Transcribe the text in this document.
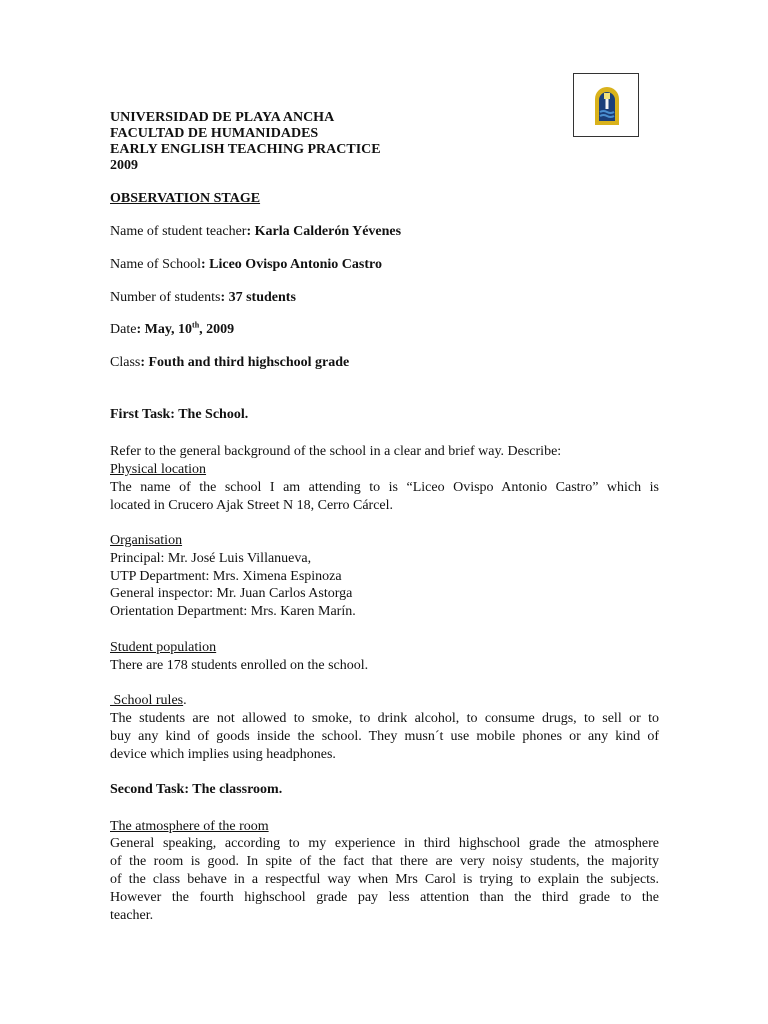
UNIVERSIDAD DE PLAYA ANCHA
FACULTAD DE HUMANIDADES
EARLY ENGLISH TEACHING PRACTICE
2009
OBSERVATION STAGE
Name of student teacher: Karla Calderón Yévenes
Name of School: Liceo Ovispo Antonio Castro
Number of students: 37 students
Date: May, 10th, 2009
Class: Fouth and third highschool grade
First Task: The School.
Refer to the general background of the school in a clear and brief way. Describe:
Physical location
The name of the school I am attending to is “Liceo Ovispo Antonio Castro” which is
located in Crucero Ajak Street N 18, Cerro Cárcel.
Organisation
Principal: Mr. José Luis Villanueva,
UTP Department: Mrs. Ximena Espinoza
General inspector: Mr. Juan Carlos Astorga
Orientation Department: Mrs. Karen Marín.
Student population
There are 178 students enrolled on the school.
School rules.
The students are not allowed to smoke, to drink alcohol, to consume drugs, to sell or to
buy any kind of goods inside the school. They musn´t use mobile phones or any kind of
device which implies using headphones.
Second Task: The classroom.
The atmosphere of the room
General speaking, according to my experience in third highschool grade the atmosphere
of the room is good. In spite of the fact that there are very noisy students, the majority
of the class behave in a respectful way when Mrs Carol is trying to explain the subjects.
However the fourth highschool grade pay less attention than the third grade to the
teacher.
